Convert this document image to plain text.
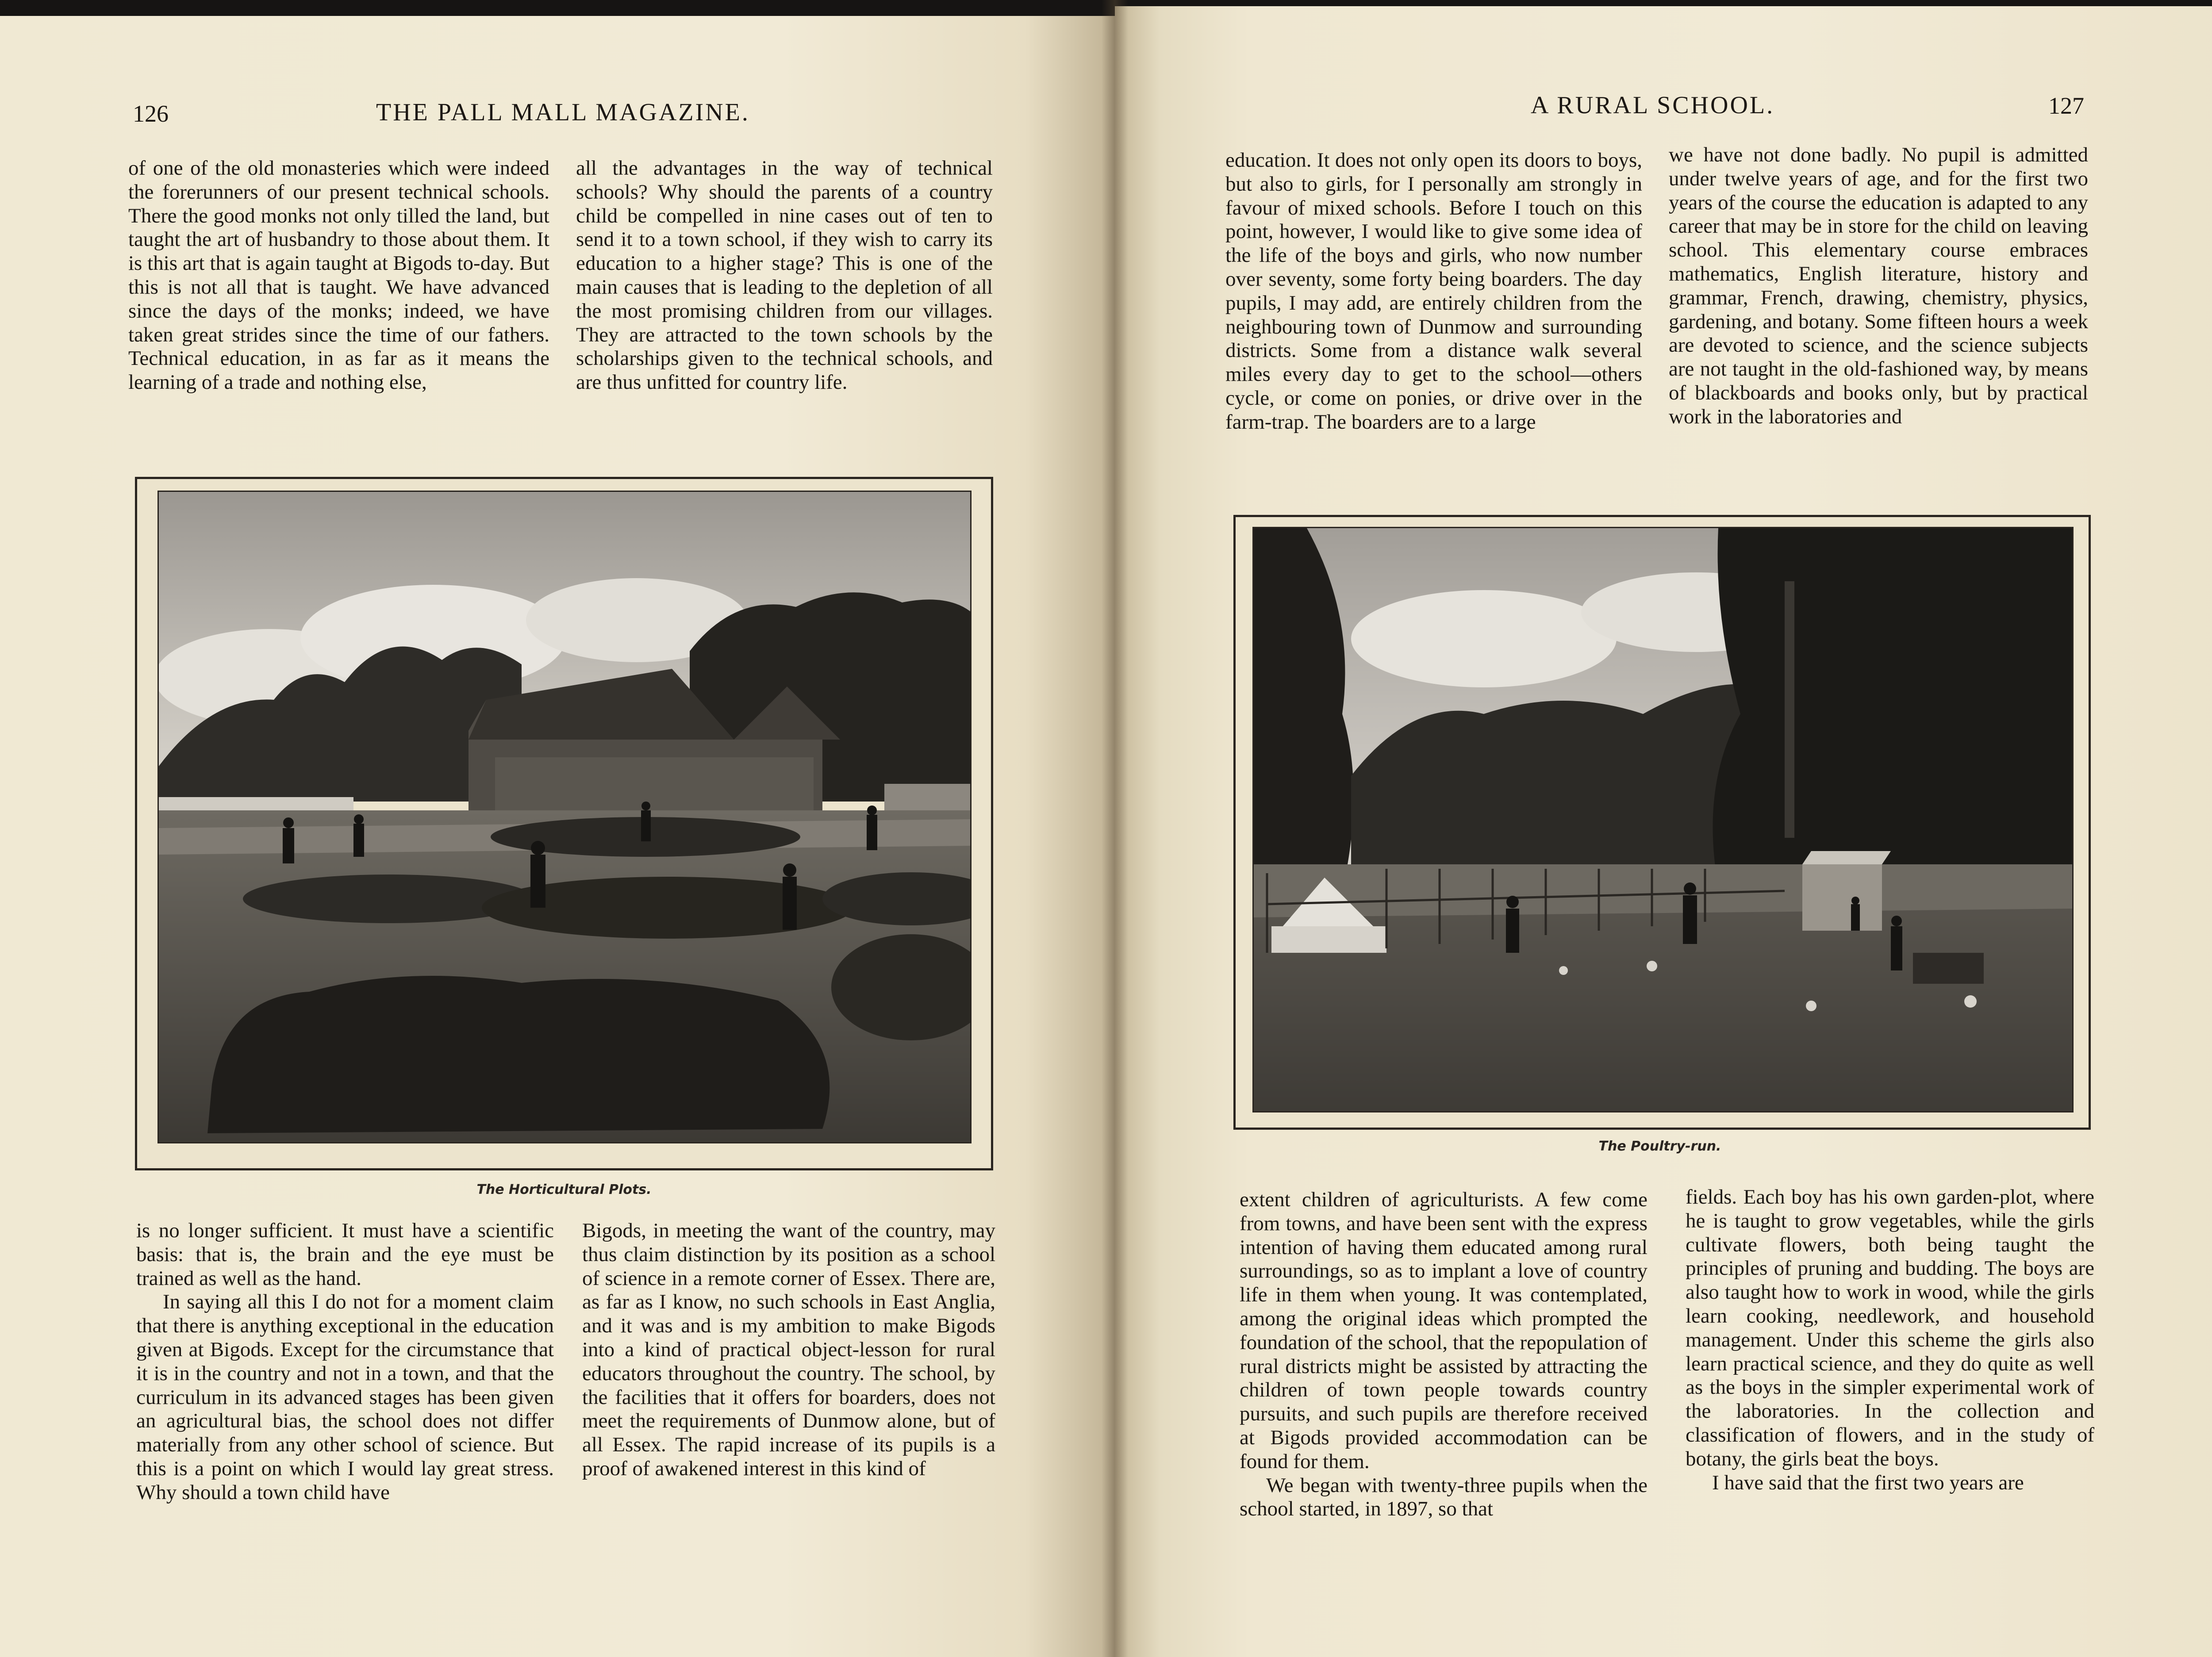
126	THE PALL MALL MAGAZINE.

of one of the old monasteries which were indeed the forerunners of our present technical schools. There the good monks not only tilled the land, but taught the art of husbandry to those about them. It is this art that is again taught at Bigods to-day. But this is not all that is taught. We have advanced since the days of the monks; indeed, we have taken great strides since the time of our fathers. Technical education, in as far as it means the learning of a trade and nothing else,

all the advantages in the way of technical schools? Why should the parents of a country child be compelled in nine cases out of ten to send it to a town school, if they wish to carry its education to a higher stage? This is one of the main causes that is leading to the depletion of all the most promising children from our villages. They are attracted to the town schools by the scholarships given to the technical schools, and are thus unfitted for country life.

The Horticultural Plots.

is no longer sufficient. It must have a scientific basis: that is, the brain and the eye must be trained as well as the hand.

In saying all this I do not for a moment claim that there is anything exceptional in the education given at Bigods. Except for the circumstance that it is in the country and not in a town, and that the curriculum in its advanced stages has been given an agricultural bias, the school does not differ materially from any other school of science. But this is a point on which I would lay great stress. Why should a town child have

Bigods, in meeting the want of the country, may thus claim distinction by its position as a school of science in a remote corner of Essex. There are, as far as I know, no such schools in East Anglia, and it was and is my ambition to make Bigods into a kind of practical object-lesson for rural educators throughout the country. The school, by the facilities that it offers for boarders, does not meet the requirements of Dunmow alone, but of all Essex. The rapid increase of its pupils is a proof of awakened interest in this kind of

A RURAL SCHOOL.	127

education. It does not only open its doors to boys, but also to girls, for I personally am strongly in favour of mixed schools. Before I touch on this point, however, I would like to give some idea of the life of the boys and girls, who now number over seventy, some forty being boarders. The day pupils, I may add, are entirely children from the neighbouring town of Dunmow and surrounding districts. Some from a distance walk several miles every day to get to the school—others cycle, or come on ponies, or drive over in the farm-trap. The boarders are to a large

we have not done badly. No pupil is admitted under twelve years of age, and for the first two years of the course the education is adapted to any career that may be in store for the child on leaving school. This elementary course embraces mathematics, English literature, history and grammar, French, drawing, chemistry, physics, gardening, and botany. Some fifteen hours a week are devoted to science, and the science subjects are not taught in the old-fashioned way, by means of blackboards and books only, but by practical work in the laboratories and

The Poultry-run.

extent children of agriculturists. A few come from towns, and have been sent with the express intention of having them educated among rural surroundings, so as to implant a love of country life in them when young. It was contemplated, among the original ideas which prompted the foundation of the school, that the repopulation of rural districts might be assisted by attracting the children of town people towards country pursuits, and such pupils are therefore received at Bigods provided accommodation can be found for them.

We began with twenty-three pupils when the school started, in 1897, so that

fields. Each boy has his own garden-plot, where he is taught to grow vegetables, while the girls cultivate flowers, both being taught the principles of pruning and budding. The boys are also taught how to work in wood, while the girls learn cooking, needlework, and household management. Under this scheme the girls also learn practical science, and they do quite as well as the boys in the simpler experimental work of the laboratories. In the collection and classification of flowers, and in the study of botany, the girls beat the boys.

I have said that the first two years are
